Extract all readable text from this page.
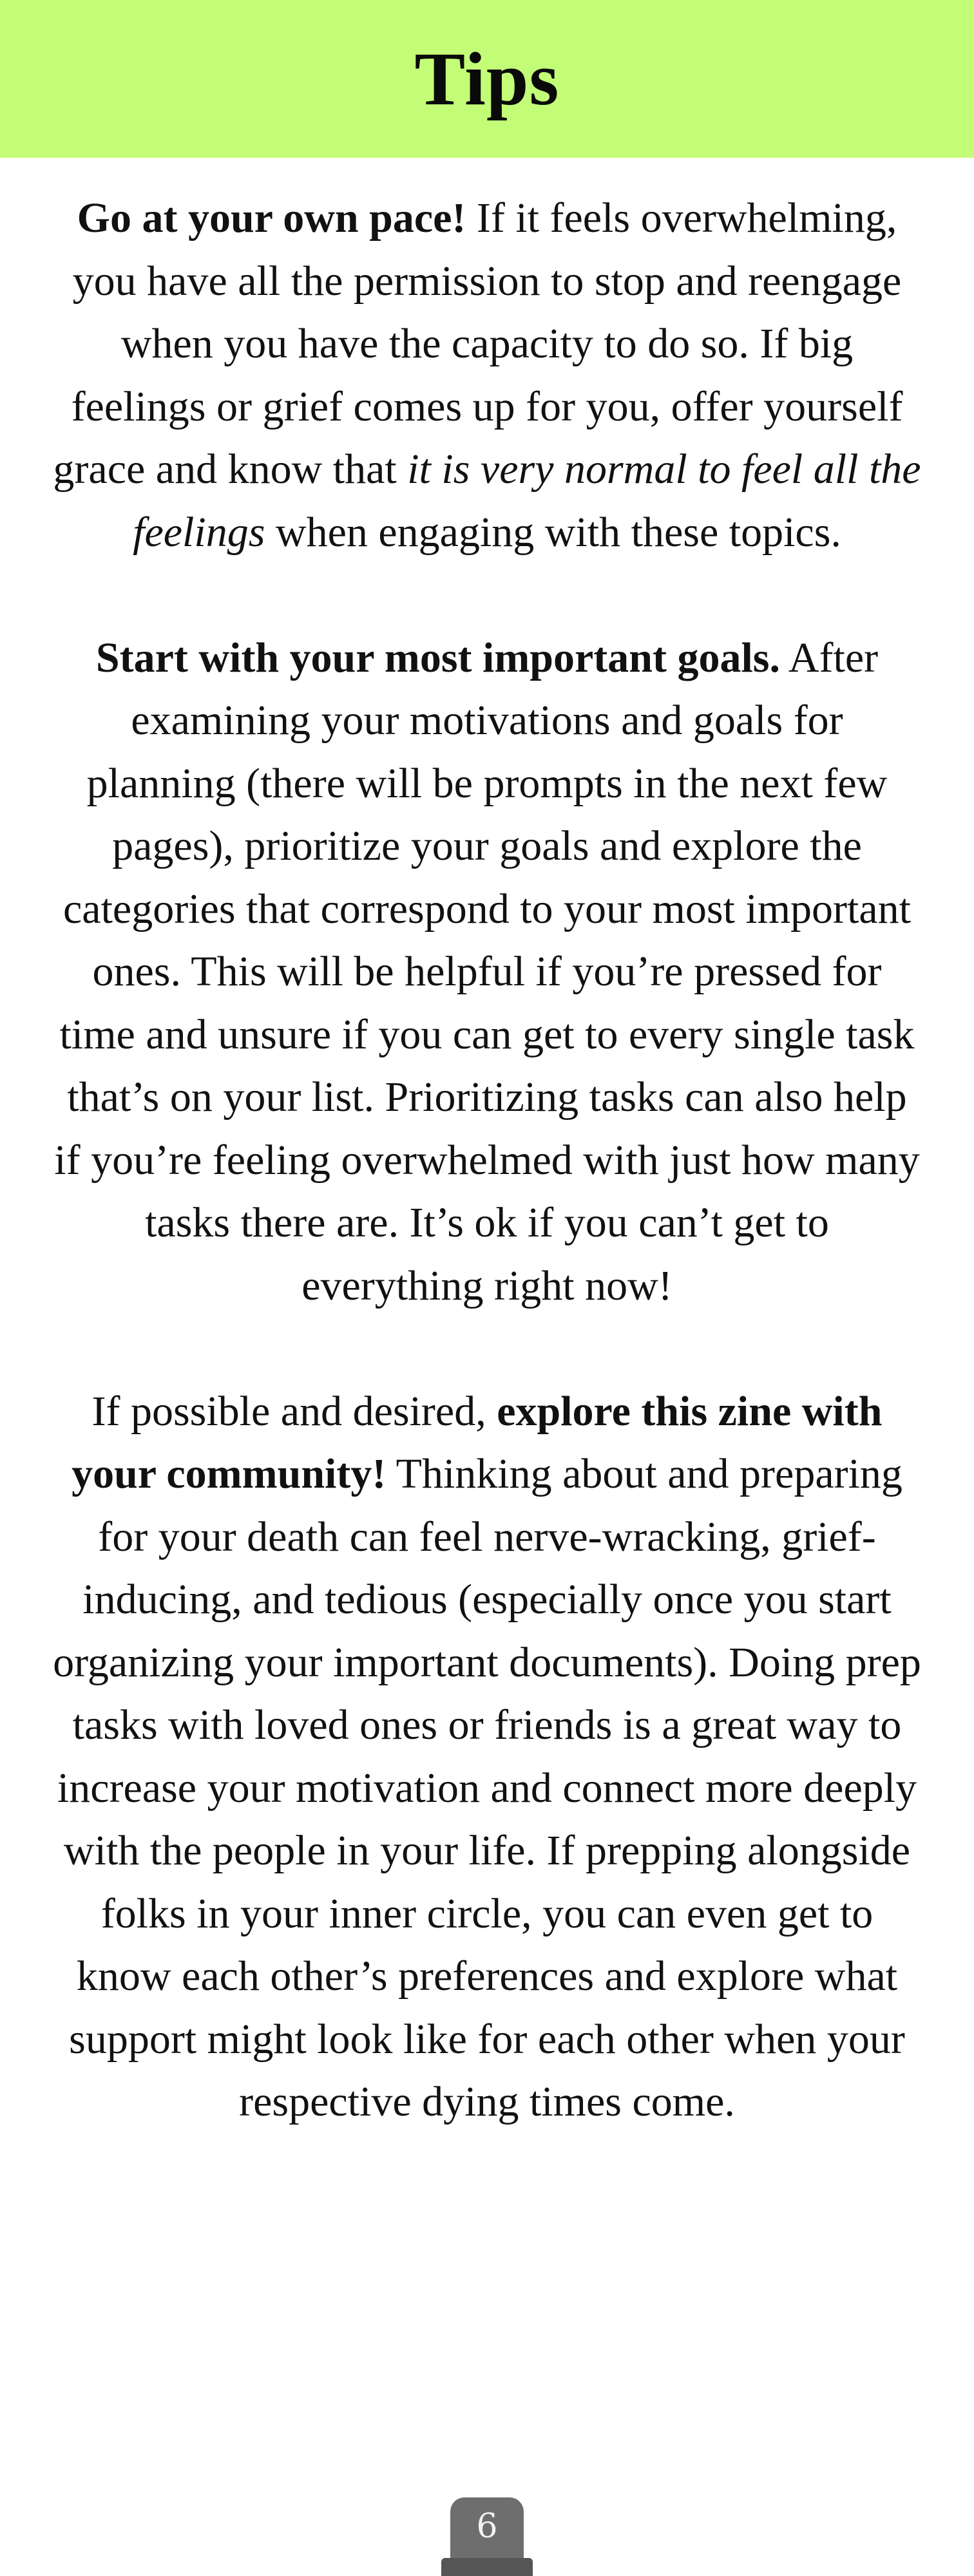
Tips

Go at your own pace! If it feels overwhelming, you have all the permission to stop and reengage when you have the capacity to do so. If big feelings or grief comes up for you, offer yourself grace and know that it is very normal to feel all the feelings when engaging with these topics.

Start with your most important goals. After examining your motivations and goals for planning (there will be prompts in the next few pages), prioritize your goals and explore the categories that correspond to your most important ones. This will be helpful if you’re pressed for time and unsure if you can get to every single task that’s on your list. Prioritizing tasks can also help if you’re feeling overwhelmed with just how many tasks there are. It’s ok if you can’t get to everything right now!

If possible and desired, explore this zine with your community! Thinking about and preparing for your death can feel nerve-wracking, grief-inducing, and tedious (especially once you start organizing your important documents). Doing prep tasks with loved ones or friends is a great way to increase your motivation and connect more deeply with the people in your life. If prepping alongside folks in your inner circle, you can even get to know each other’s preferences and explore what support might look like for each other when your respective dying times come.

6
